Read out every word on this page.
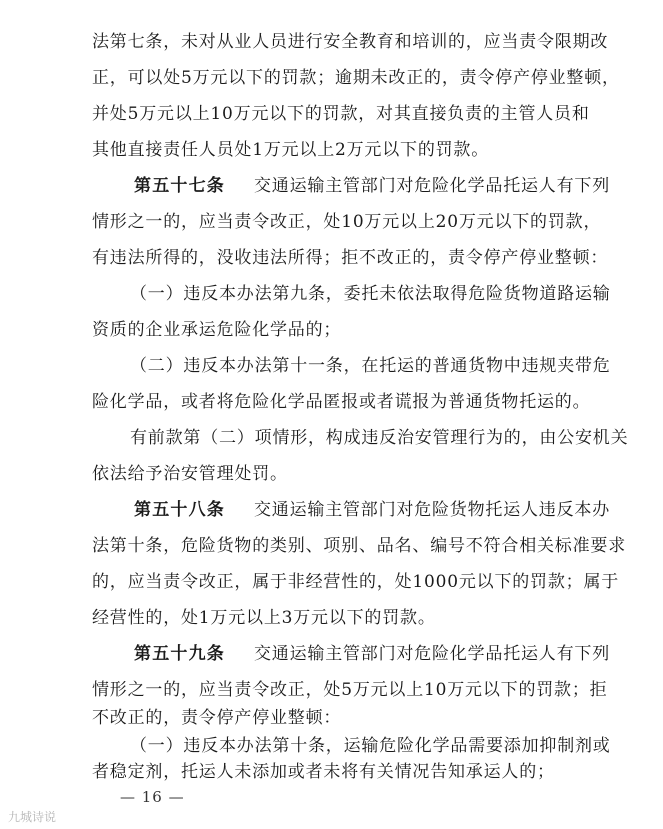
法第七条，未对从业人员进行安全教育和培训的，应当责令限期改
正，可以处5万元以下的罚款；逾期未改正的，责令停产停业整顿，
并处5万元以上10万元以下的罚款，对其直接负责的主管人员和
其他直接责任人员处1万元以上2万元以下的罚款。
第五十七条 交通运输主管部门对危险化学品托运人有下列
情形之一的，应当责令改正，处10万元以上20万元以下的罚款，
有违法所得的，没收违法所得；拒不改正的，责令停产停业整顿：
（一）违反本办法第九条，委托未依法取得危险货物道路运输
资质的企业承运危险化学品的；
（二）违反本办法第十一条，在托运的普通货物中违规夹带危
险化学品，或者将危险化学品匿报或者谎报为普通货物托运的。
有前款第（二）项情形，构成违反治安管理行为的，由公安机关
依法给予治安管理处罚。
第五十八条 交通运输主管部门对危险货物托运人违反本办
法第十条，危险货物的类别、项别、品名、编号不符合相关标准要求
的，应当责令改正，属于非经营性的，处1000元以下的罚款；属于
经营性的，处1万元以上3万元以下的罚款。
第五十九条 交通运输主管部门对危险化学品托运人有下列
情形之一的，应当责令改正，处5万元以上10万元以下的罚款；拒
不改正的，责令停产停业整顿：
（一）违反本办法第十条，运输危险化学品需要添加抑制剂或
者稳定剂，托运人未添加或者未将有关情况告知承运人的；
— 16 —
九城诗说
